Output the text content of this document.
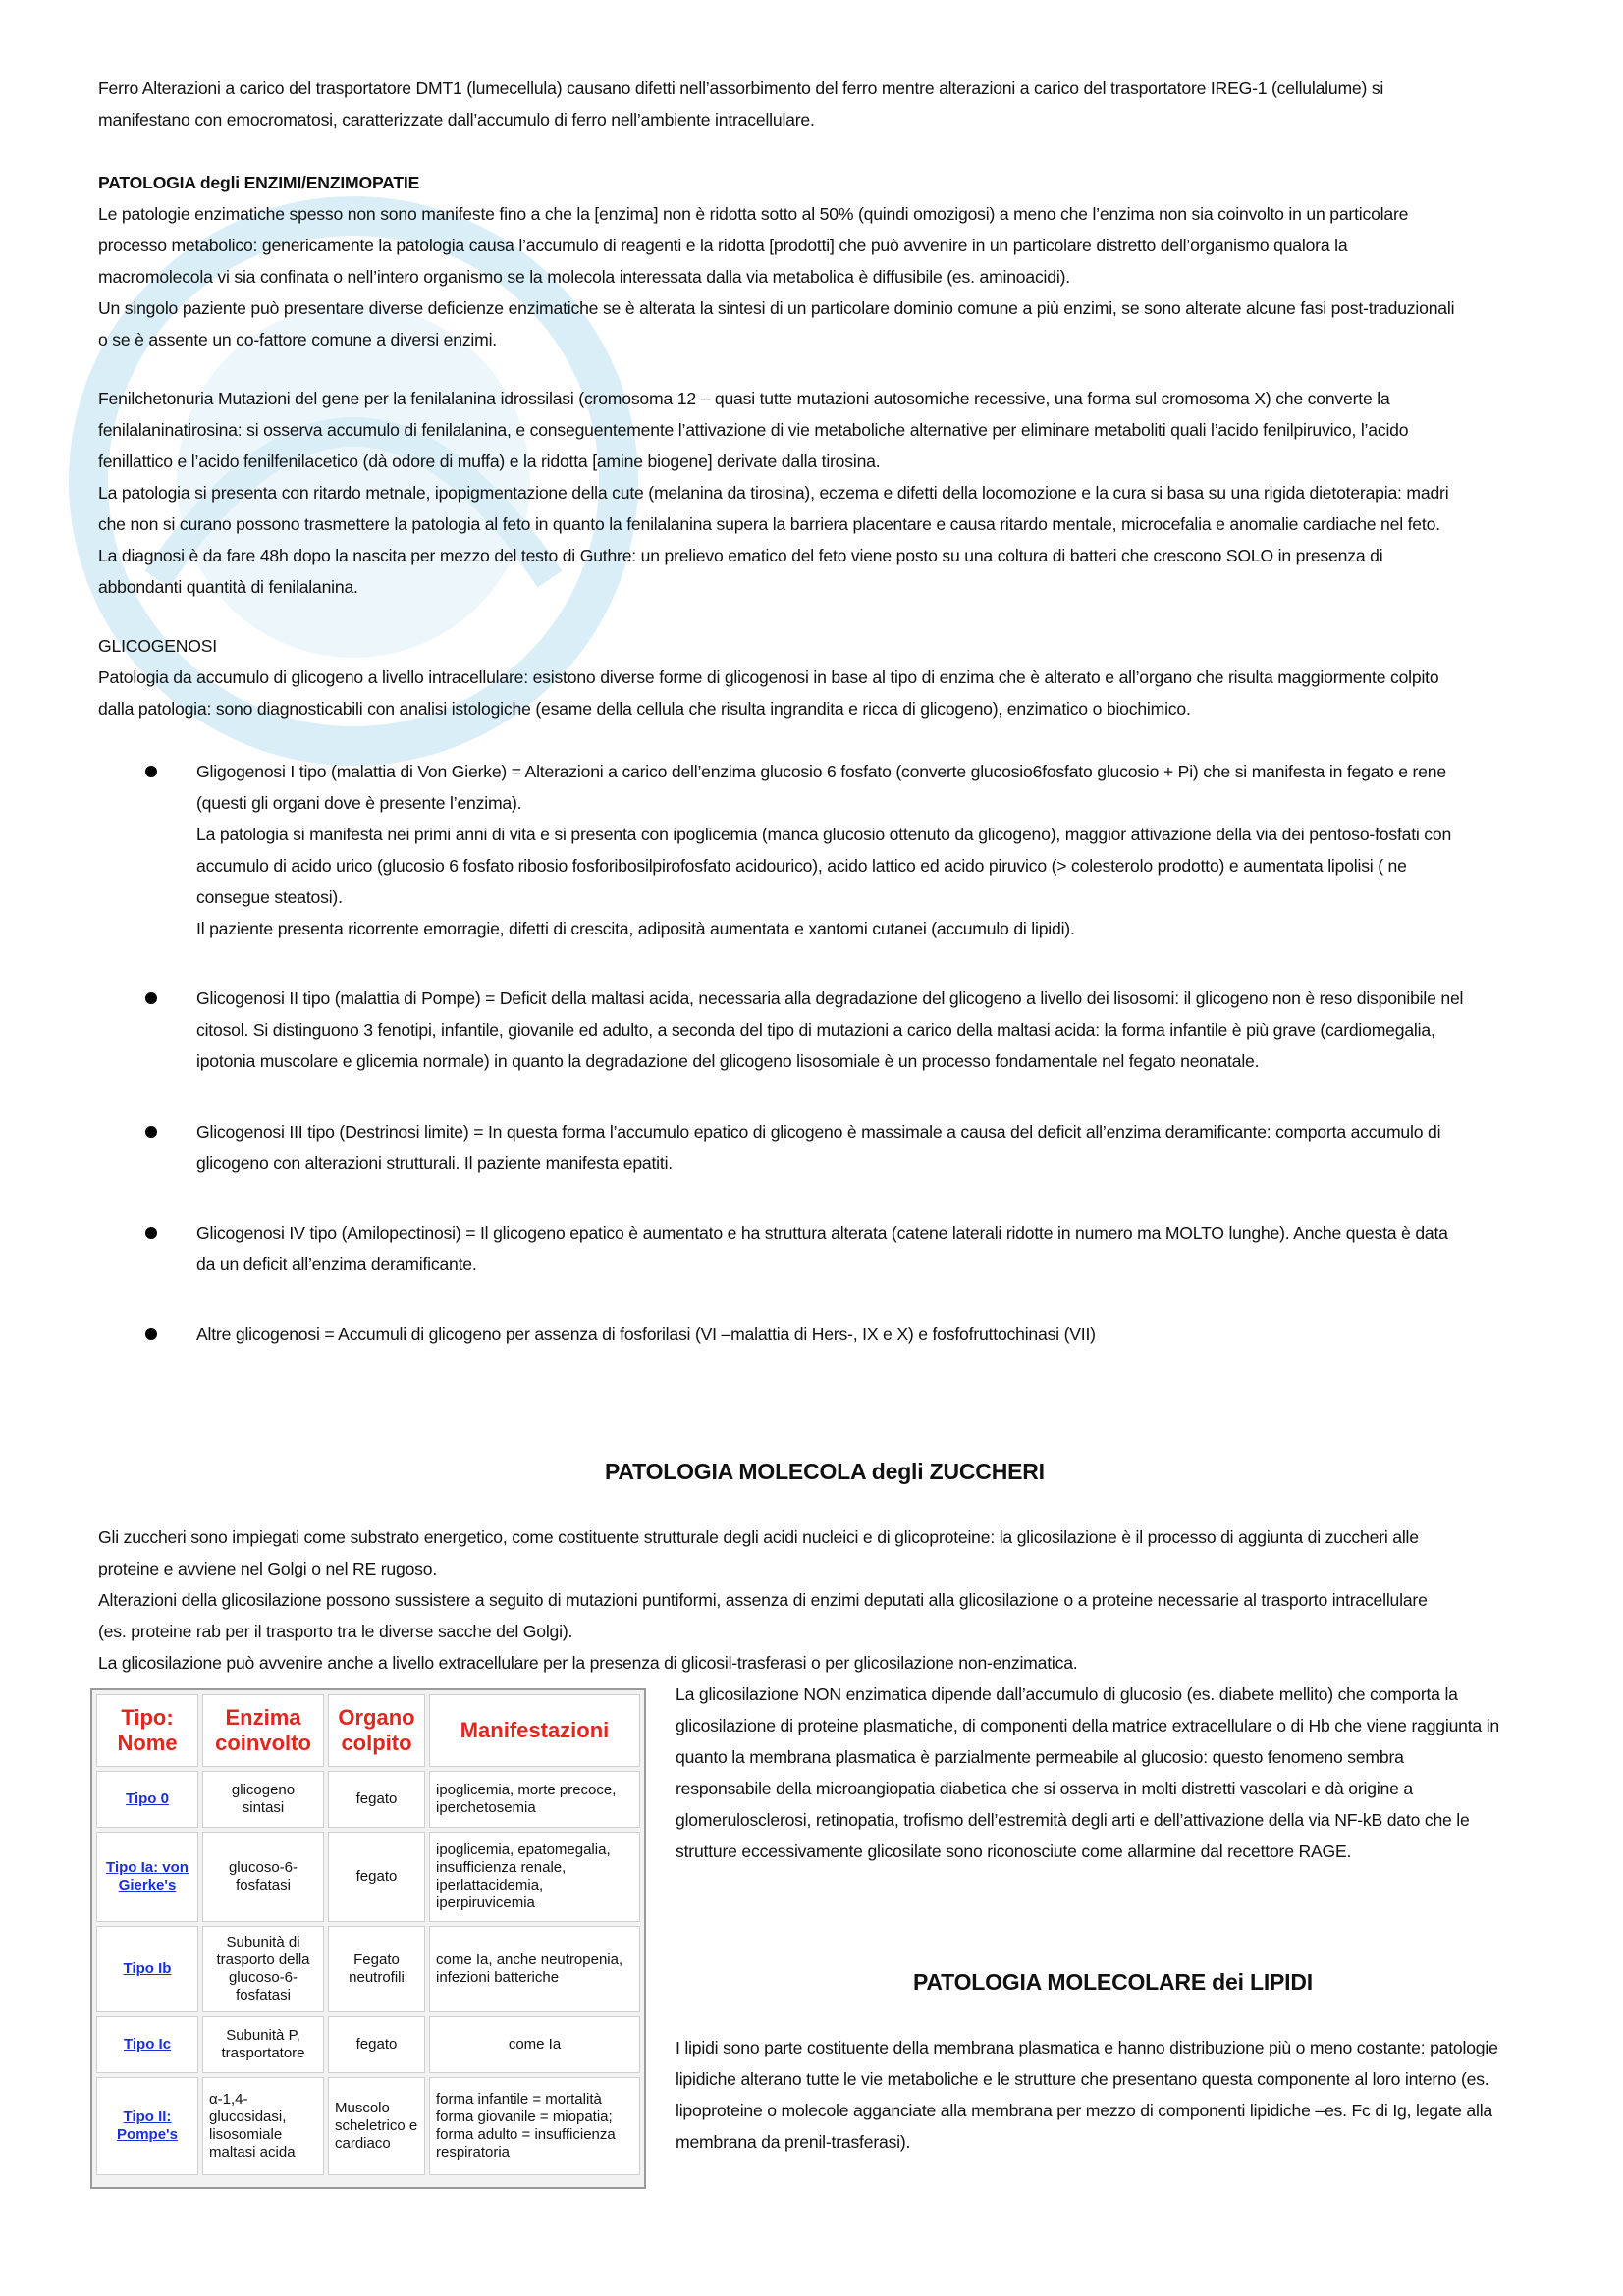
Ferro Alterazioni a carico del trasportatore DMT1 (lumecellula) causano difetti nell’assorbimento del ferro mentre alterazioni a carico del trasportatore IREG-1 (cellulalume) si
manifestano con emocromatosi, caratterizzate dall’accumulo di ferro nell’ambiente intracellulare.

PATOLOGIA degli ENZIMI/ENZIMOPATIE
Le patologie enzimatiche spesso non sono manifeste fino a che la [enzima] non è ridotta sotto al 50% (quindi omozigosi) a meno che l’enzima non sia coinvolto in un particolare
processo metabolico: genericamente la patologia causa l’accumulo di reagenti e la ridotta [prodotti] che può avvenire in un particolare distretto dell’organismo qualora la
macromolecola vi sia confinata o nell’intero organismo se la molecola interessata dalla via metabolica è diffusibile (es. aminoacidi).
Un singolo paziente può presentare diverse deficienze enzimatiche se è alterata la sintesi di un particolare dominio comune a più enzimi, se sono alterate alcune fasi post-traduzionali
o se è assente un co-fattore comune a diversi enzimi.

Fenilchetonuria Mutazioni del gene per la fenilalanina idrossilasi (cromosoma 12 – quasi tutte mutazioni autosomiche recessive, una forma sul cromosoma X) che converte la
fenilalaninatirosina: si osserva accumulo di fenilalanina, e conseguentemente l’attivazione di vie metaboliche alternative per eliminare metaboliti quali l’acido fenilpiruvico, l’acido
fenillattico e l’acido fenilfenilacetico (dà odore di muffa) e la ridotta [amine biogene] derivate dalla tirosina.
La patologia si presenta con ritardo metnale, ipopigmentazione della cute (melanina da tirosina), eczema e difetti della locomozione e la cura si basa su una rigida dietoterapia: madri
che non si curano possono trasmettere la patologia al feto in quanto la fenilalanina supera la barriera placentare e causa ritardo mentale, microcefalia e anomalie cardiache nel feto.
La diagnosi è da fare 48h dopo la nascita per mezzo del testo di Guthre: un prelievo ematico del feto viene posto su una coltura di batteri che crescono SOLO in presenza di
abbondanti quantità di fenilalanina.

GLICOGENOSI
Patologia da accumulo di glicogeno a livello intracellulare: esistono diverse forme di glicogenosi in base al tipo di enzima che è alterato e all’organo che risulta maggiormente colpito
dalla patologia: sono diagnosticabili con analisi istologiche (esame della cellula che risulta ingrandita e ricca di glicogeno), enzimatico o biochimico.

Gligogenosi I tipo (malattia di Von Gierke) = Alterazioni a carico dell’enzima glucosio 6 fosfato (converte glucosio6fosfato glucosio + Pi) che si manifesta in fegato e rene
(questi gli organi dove è presente l’enzima).
La patologia si manifesta nei primi anni di vita e si presenta con ipoglicemia (manca glucosio ottenuto da glicogeno), maggior attivazione della via dei pentoso-fosfati con
accumulo di acido urico (glucosio 6 fosfato ribosio fosforibosilpirofosfato acidourico), acido lattico ed acido piruvico (> colesterolo prodotto) e aumentata lipolisi ( ne
consegue steatosi).
Il paziente presenta ricorrente emorragie, difetti di crescita, adiposità aumentata e xantomi cutanei (accumulo di lipidi).
Glicogenosi II tipo (malattia di Pompe) = Deficit della maltasi acida, necessaria alla degradazione del glicogeno a livello dei lisosomi: il glicogeno non è reso disponibile nel
citosol. Si distinguono 3 fenotipi, infantile, giovanile ed adulto, a seconda del tipo di mutazioni a carico della maltasi acida: la forma infantile è più grave (cardiomegalia,
ipotonia muscolare e glicemia normale) in quanto la degradazione del glicogeno lisosomiale è un processo fondamentale nel fegato neonatale.
Glicogenosi III tipo (Destrinosi limite) = In questa forma l’accumulo epatico di glicogeno è massimale a causa del deficit all’enzima deramificante: comporta accumulo di
glicogeno con alterazioni strutturali. Il paziente manifesta epatiti.
Glicogenosi IV tipo (Amilopectinosi) = Il glicogeno epatico è aumentato e ha struttura alterata (catene laterali ridotte in numero ma MOLTO lunghe). Anche questa è data
da un deficit all’enzima deramificante.
Altre glicogenosi = Accumuli di glicogeno per assenza di fosforilasi (VI –malattia di Hers-, IX e X) e fosfofruttochinasi (VII)
PATOLOGIA MOLECOLA degli ZUCCHERI

Gli zuccheri sono impiegati come substrato energetico, come costituente strutturale degli acidi nucleici e di glicoproteine: la glicosilazione è il processo di aggiunta di zuccheri alle
proteine e avviene nel Golgi o nel RE rugoso.
Alterazioni della glicosilazione possono sussistere a seguito di mutazioni puntiformi, assenza di enzimi deputati alla glicosilazione o a proteine necessarie al trasporto intracellulare
(es. proteine rab per il trasporto tra le diverse sacche del Golgi).
La glicosilazione può avvenire anche a livello extracellulare per la presenza di glicosil-trasferasi o per glicosilazione non-enzimatica.

La glicosilazione NON enzimatica dipende dall’accumulo di glucosio (es. diabete mellito) che comporta la
glicosilazione di proteine plasmatiche, di componenti della matrice extracellulare o di Hb che viene raggiunta in
quanto la membrana plasmatica è parzialmente permeabile al glucosio: questo fenomeno sembra
responsabile della microangiopatia diabetica che si osserva in molti distretti vascolari e dà origine a
glomerulosclerosi, retinopatia, trofismo dell’estremità degli arti e dell’attivazione della via NF-kB dato che le
strutture eccessivamente glicosilate sono riconosciute come allarmine dal recettore RAGE.
PATOLOGIA MOLECOLARE dei LIPIDI
I lipidi sono parte costituente della membrana plasmatica e hanno distribuzione più o meno costante: patologie
lipidiche alterano tutte le vie metaboliche e le strutture che presentano questa componente al loro interno (es.
lipoproteine o molecole agganciate alla membrana per mezzo di componenti lipidiche –es. Fc di Ig, legate alla
membrana da prenil-trasferasi).
Tipo: Nome	Enzima coinvolto	Organo colpito	Manifestazioni
Tipo 0	glicogeno sintasi	fegato	ipoglicemia, morte precoce, iperchetosemia
Tipo Ia: von Gierke's	glucoso-6-fosfatasi	fegato	ipoglicemia, epatomegalia, insufficienza renale, iperlattacidemia, iperpiruvicemia
Tipo Ib	Subunità di trasporto della glucoso-6-fosfatasi	Fegato neutrofili	come Ia, anche neutropenia, infezioni batteriche
Tipo Ic	Subunità P, trasportatore	fegato	come Ia
Tipo II: Pompe's	α-1,4-glucosidasi, lisosomiale maltasi acida	Muscolo scheletrico e cardiaco	forma infantile = mortalità forma giovanile = miopatia; forma adulto = insufficienza respiratoria
